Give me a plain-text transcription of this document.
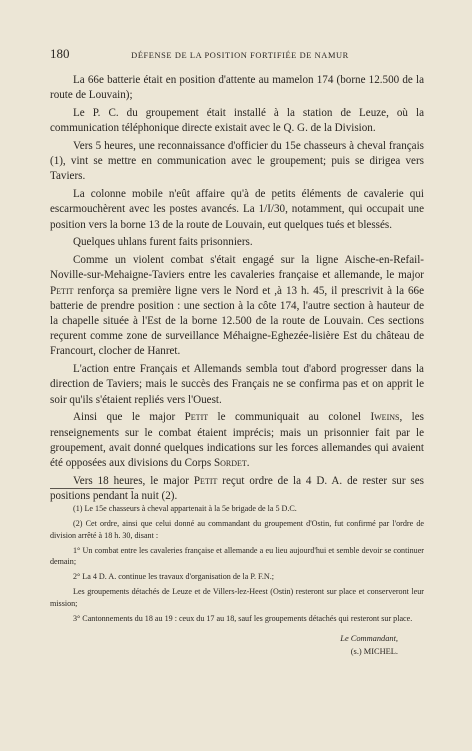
180	DÉFENSE DE LA POSITION FORTIFIÉE DE NAMUR

La 66e batterie était en position d'attente au mamelon 174 (borne 12.500 de la route de Louvain);

Le P. C. du groupement était installé à la station de Leuze, où la communication téléphonique directe existait avec le Q. G. de la Division.

Vers 5 heures, une reconnaissance d'officier du 15e chasseurs à cheval français (1), vint se mettre en communication avec le groupement; puis se dirigea vers Taviers.

La colonne mobile n'eût affaire qu'à de petits éléments de cavalerie qui escarmouchèrent avec les postes avancés. La 1/I/30, notamment, qui occupait une position vers la borne 13 de la route de Louvain, eut quelques tués et blessés.

Quelques uhlans furent faits prisonniers.

Comme un violent combat s'était engagé sur la ligne Aische-en-Refail-Noville-sur-Mehaigne-Taviers entre les cavaleries française et allemande, le major Petit renforça sa première ligne vers le Nord et ,à 13 h. 45, il prescrivit à la 66e batterie de prendre position : une section à la côte 174, l'autre section à hauteur de la chapelle située à l'Est de la borne 12.500 de la route de Louvain. Ces sections reçurent comme zone de surveillance Méhaigne-Eghezée-lisière Est du château de Francourt, clocher de Hanret.

L'action entre Français et Allemands sembla tout d'abord progresser dans la direction de Taviers; mais le succès des Français ne se confirma pas et on apprit le soir qu'ils s'étaient repliés vers l'Ouest.

Ainsi que le major Petit le communiquait au colonel Iweins, les renseignements sur le combat étaient imprécis; mais un prisonnier fait par le groupement, avait donné quelques indications sur les forces allemandes qui avaient été opposées aux divisions du Corps Sordet.

Vers 18 heures, le major Petit reçut ordre de la 4 D. A. de rester sur ses positions pendant la nuit (2).

(1) Le 15e chasseurs à cheval appartenait à la 5e brigade de la 5 D.C.

(2) Cet ordre, ainsi que celui donné au commandant du groupement d'Ostin, fut confirmé par l'ordre de division arrêté à 18 h. 30, disant :

1° Un combat entre les cavaleries française et allemande a eu lieu aujourd'hui et semble devoir se continuer demain;

2° La 4 D. A. continue les travaux d'organisation de la P. F.N.;

Les groupements détachés de Leuze et de Villers-lez-Heest (Ostin) resteront sur place et conserveront leur mission;

3° Cantonnements du 18 au 19 : ceux du 17 au 18, sauf les groupements détachés qui resteront sur place.

Le Commandant,
(s.) MICHEL.
